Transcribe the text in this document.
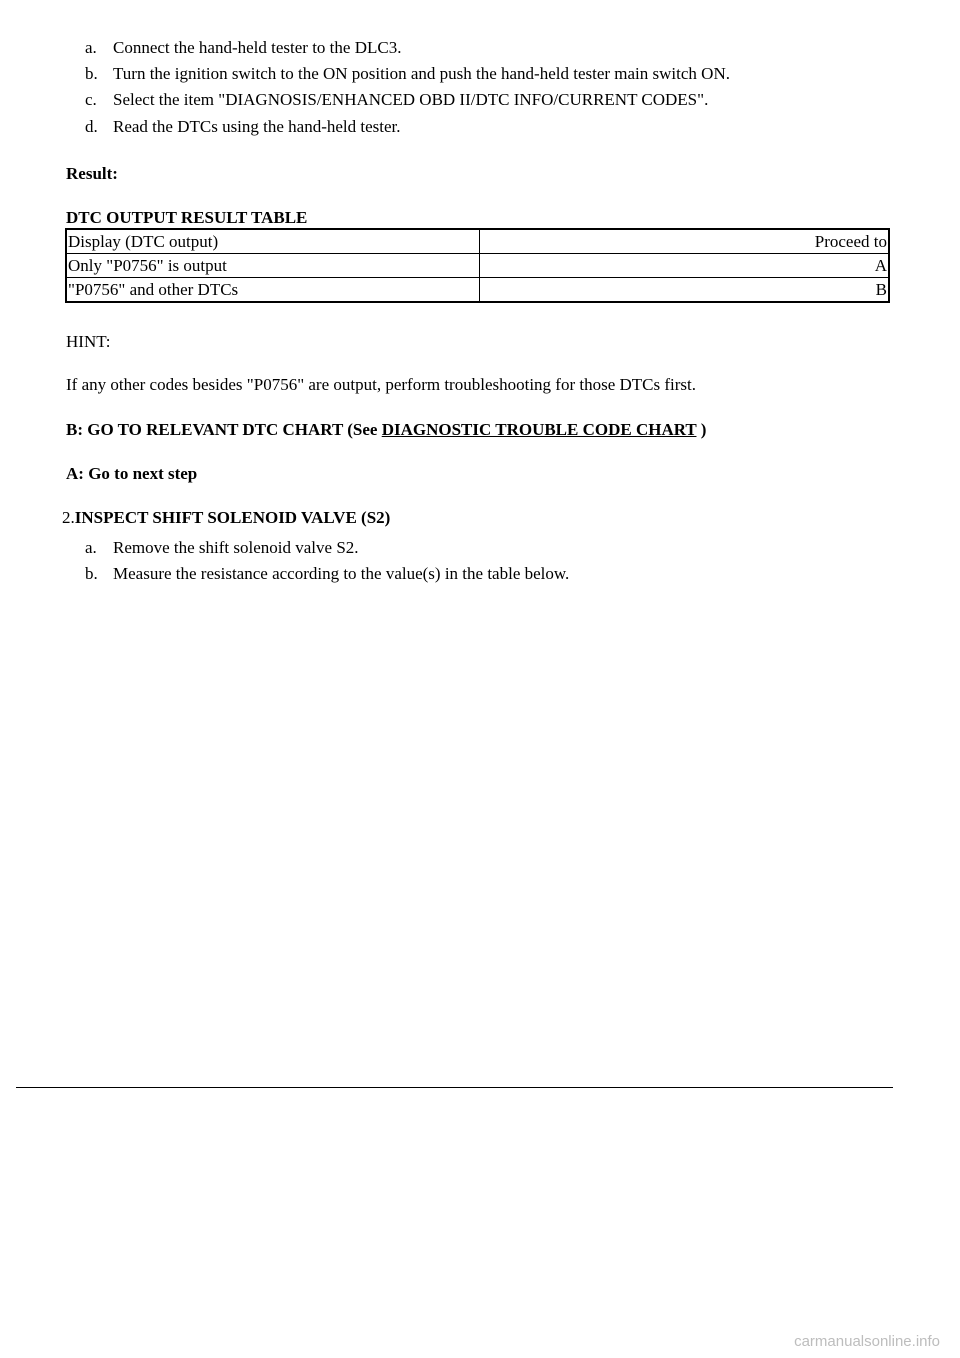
a. Connect the hand-held tester to the DLC3.
b. Turn the ignition switch to the ON position and push the hand-held tester main switch ON.
c. Select the item "DIAGNOSIS/ENHANCED OBD II/DTC INFO/CURRENT CODES".
d. Read the DTCs using the hand-held tester.
Result:
DTC OUTPUT RESULT TABLE
Display (DTC output)	Proceed to
Only "P0756" is output	A
"P0756" and other DTCs	B
HINT:
If any other codes besides "P0756" are output, perform troubleshooting for those DTCs first.
B: GO TO RELEVANT DTC CHART (See DIAGNOSTIC TROUBLE CODE CHART )
A: Go to next step
2.INSPECT SHIFT SOLENOID VALVE (S2)
a. Remove the shift solenoid valve S2.
b. Measure the resistance according to the value(s) in the table below.
carmanualsonline.info
